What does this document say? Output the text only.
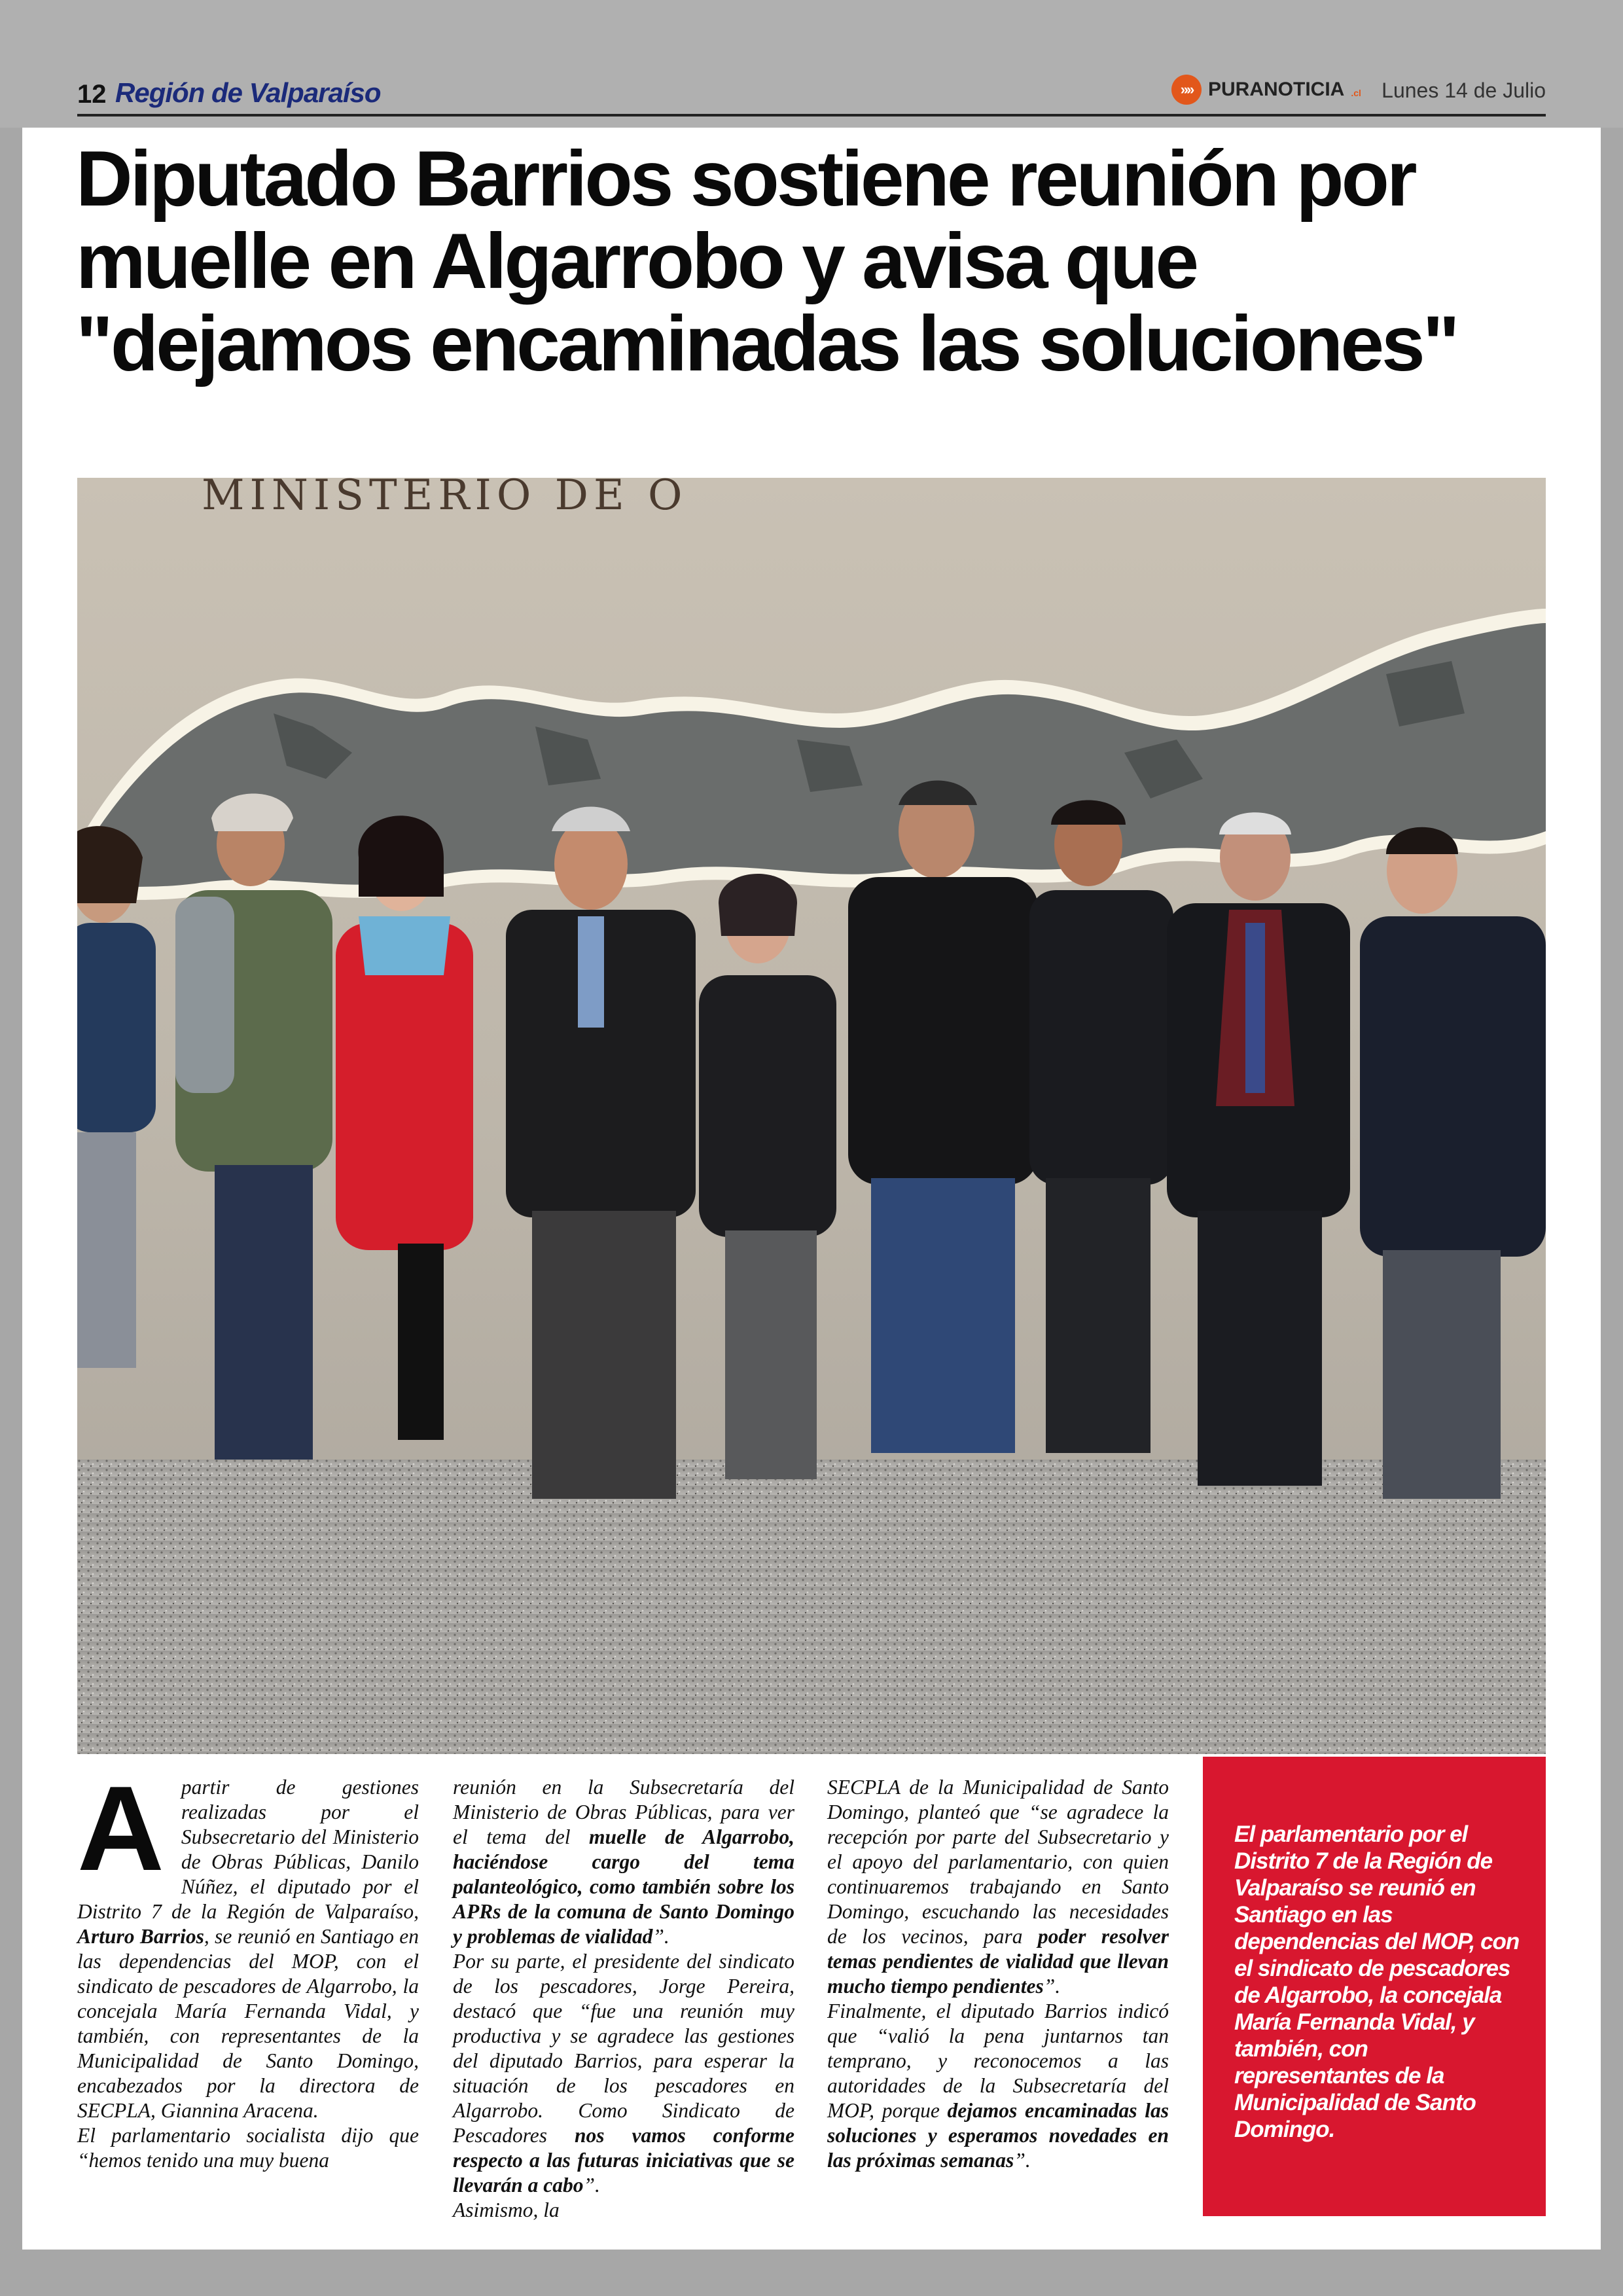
12 Región de Valparaíso	»» PURANOTICIA .cl Lunes 14 de Julio
Diputado Barrios sostiene reunión por muelle en Algarrobo y avisa que "dejamos encaminadas las soluciones"
MINISTERIO DE O
A partir de gestiones realizadas por el Subsecretario del Ministerio de Obras Públicas, Danilo Núñez, el diputado por el Distrito 7 de la Región de Valparaíso, Arturo Barrios, se reunió en Santiago en las dependencias del MOP, con el sindicato de pescadores de Algarrobo, la concejala María Fernanda Vidal, y también, con representantes de la Municipalidad de Santo Domingo, encabezados por la directora de SECPLA, Giannina Aracena.

El parlamentario socialista dijo que “hemos tenido una muy buena

reunión en la Subsecretaría del Ministerio de Obras Públicas, para ver el tema del muelle de Algarrobo, haciéndose cargo del tema palanteológico, como también sobre los APRs de la comuna de Santo Domingo y problemas de vialidad”.

Por su parte, el presidente del sindicato de los pescadores, Jorge Pereira, destacó que “fue una reunión muy productiva y se agradece las gestiones del diputado Barrios, para esperar la situación de los pescadores en Algarrobo. Como Sindicato de Pescadores nos vamos conforme respecto a las futuras iniciativas que se llevarán a cabo”.

Asimismo, la

SECPLA de la Municipalidad de Santo Domingo, planteó que “se agradece la recepción por parte del Subsecretario y el apoyo del parlamentario, con quien continuaremos trabajando en Santo Domingo, escuchando las necesidades de los vecinos, para poder resolver temas pendientes de vialidad que llevan mucho tiempo pendientes”.

Finalmente, el diputado Barrios indicó que “valió la pena juntarnos tan temprano, y reconocemos a las autoridades de la Subsecretaría del MOP, porque dejamos encaminadas las soluciones y esperamos novedades en las próximas semanas”.

El parlamentario por el Distrito 7 de la Región de Valparaíso se reunió en Santiago en las dependencias del MOP, con el sindicato de pescadores de Algarrobo, la concejala María Fernanda Vidal, y también, con representantes de la Municipalidad de Santo Domingo.
